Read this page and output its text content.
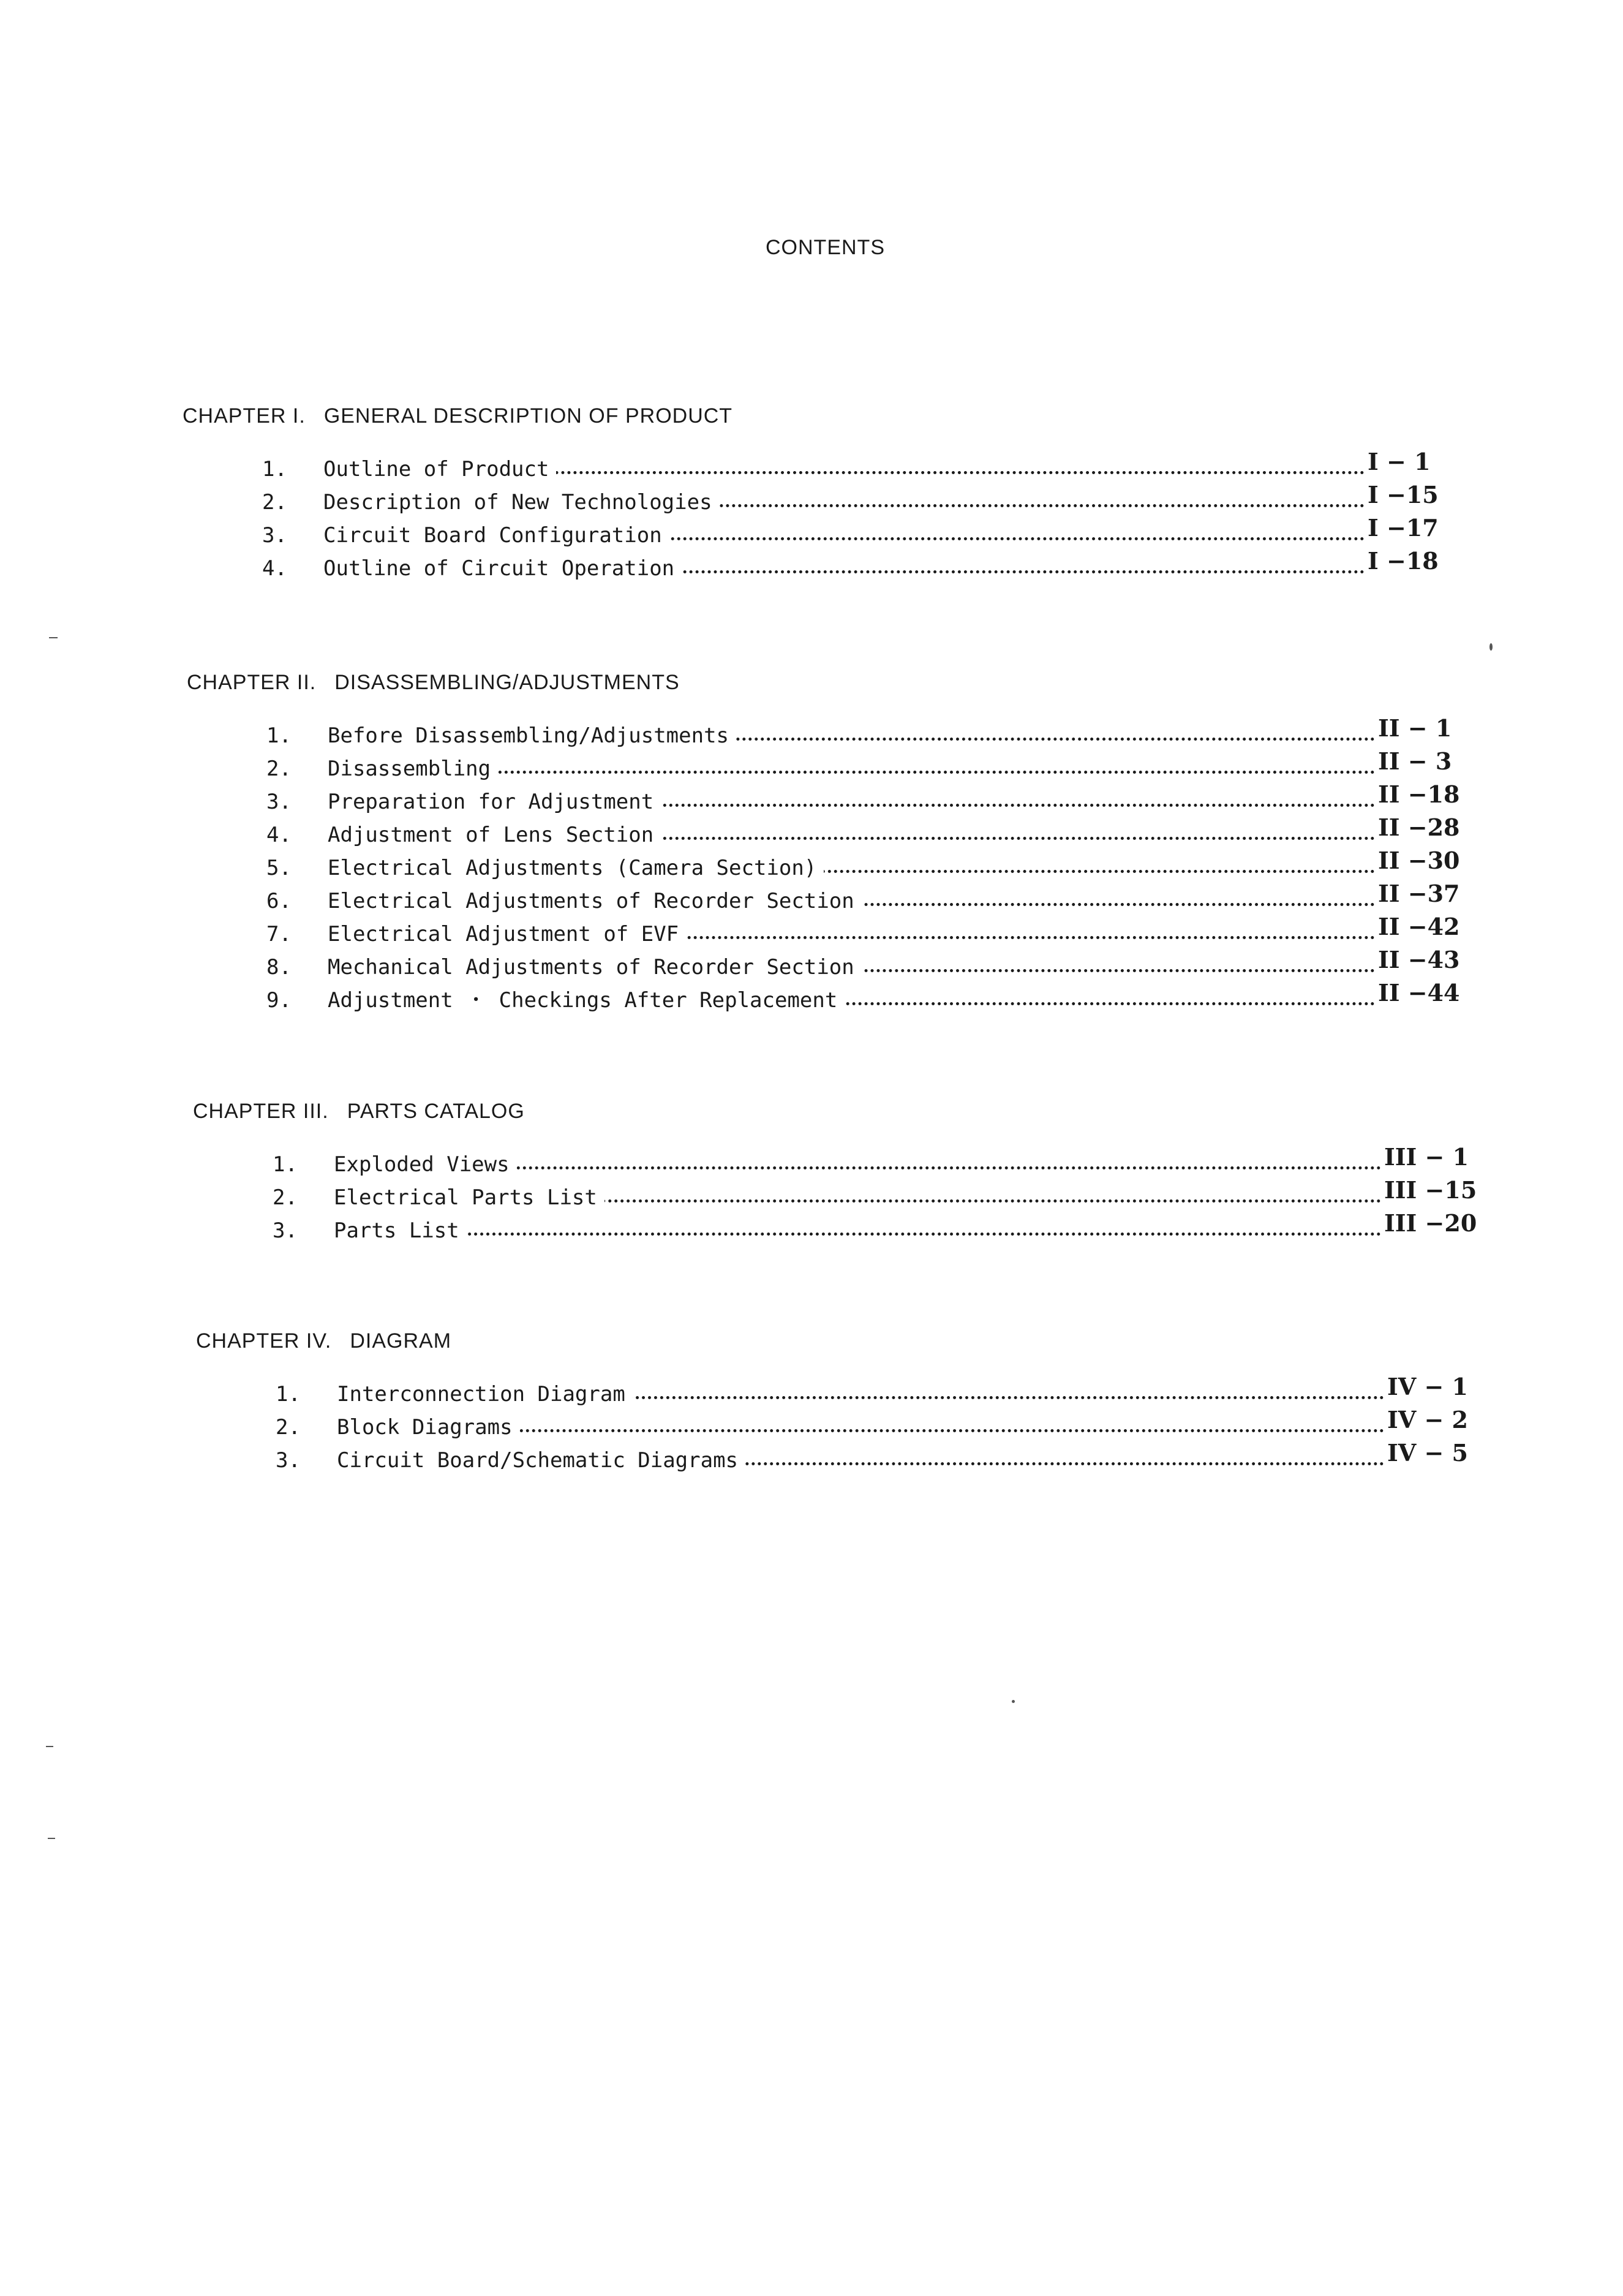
CONTENTS
CHAPTER I. GENERAL DESCRIPTION OF PRODUCT
1.	Outline of Product	I − 1
2.	Description of New Technologies	I −15
3.	Circuit Board Configuration	I −17
4.	Outline of Circuit Operation	I −18
CHAPTER II. DISASSEMBLING/ADJUSTMENTS
1.	Before Disassembling/Adjustments	II − 1
2.	Disassembling	II − 3
3.	Preparation for Adjustment	II −18
4.	Adjustment of Lens Section	II −28
5.	Electrical Adjustments (Camera Section)	II −30
6.	Electrical Adjustments of Recorder Section	II −37
7.	Electrical Adjustment of EVF	II −42
8.	Mechanical Adjustments of Recorder Section	II −43
9.	Adjustment ・ Checkings After Replacement	II −44
CHAPTER III. PARTS CATALOG
1.	Exploded Views	III − 1
2.	Electrical Parts List	III −15
3.	Parts List	III −20
CHAPTER IV. DIAGRAM
1.	Interconnection Diagram	IV − 1
2.	Block Diagrams	IV − 2
3.	Circuit Board/Schematic Diagrams	IV − 5
